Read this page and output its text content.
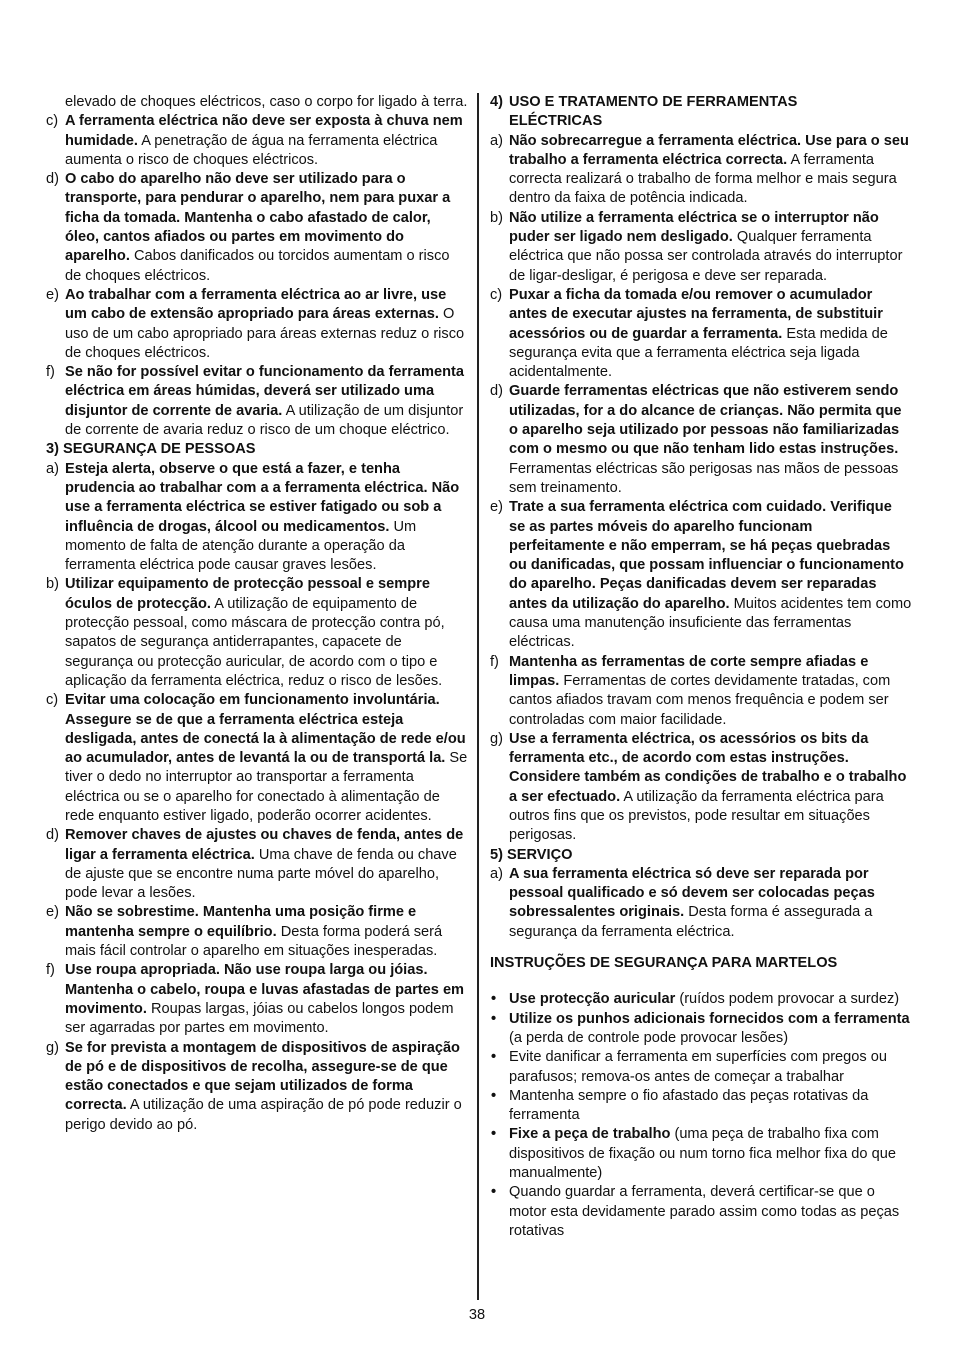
elevado de choques eléctricos, caso o corpo for ligado à terra.
c) A ferramenta eléctrica não deve ser exposta à chuva nem humidade. A penetração de água na ferramenta eléctrica aumenta o risco de choques eléctricos.
d) O cabo do aparelho não deve ser utilizado para o transporte, para pendurar o aparelho, nem para puxar a ficha da tomada. Mantenha o cabo afastado de calor, óleo, cantos afiados ou partes em movimento do aparelho. Cabos danificados ou torcidos aumentam o risco de choques eléctricos.
e) Ao trabalhar com a ferramenta eléctrica ao ar livre, use um cabo de extensão apropriado para áreas externas. O uso de um cabo apropriado para áreas externas reduz o risco de choques eléctricos.
f) Se não for possível evitar o funcionamento da ferramenta eléctrica em áreas húmidas, deverá ser utilizado uma disjuntor de corrente de avaria. A utilização de um disjuntor de corrente de avaria reduz o risco de um choque eléctrico.
3) SEGURANÇA DE PESSOAS
a) Esteja alerta, observe o que está a fazer, e tenha prudencia ao trabalhar com a a ferramenta eléctrica. Não use a ferramenta eléctrica se estiver fatigado ou sob a influência de drogas, álcool ou medicamentos. Um momento de falta de atenção durante a operação da ferramenta eléctrica pode causar graves lesões.
b) Utilizar equipamento de protecção pessoal e sempre óculos de protecção. A utilização de equipamento de protecção pessoal, como máscara de protecção contra pó, sapatos de segurança antiderrapantes, capacete de segurança ou protecção auricular, de acordo com o tipo e aplicação da ferramenta eléctrica, reduz o risco de lesões.
c) Evitar uma colocação em funcionamento involuntária. Assegure se de que a ferramenta eléctrica esteja desligada, antes de conectá la à alimentação de rede e/ou ao acumulador, antes de levantá la ou de transportá la. Se tiver o dedo no interruptor ao transportar a ferramenta eléctrica ou se o aparelho for conectado à alimentação de rede enquanto estiver ligado, poderão ocorrer acidentes.
d) Remover chaves de ajustes ou chaves de fenda, antes de ligar a ferramenta eléctrica. Uma chave de fenda ou chave de ajuste que se encontre numa parte móvel do aparelho, pode levar a lesões.
e) Não se sobrestime. Mantenha uma posição firme e mantenha sempre o equilíbrio. Desta forma poderá será mais fácil controlar o aparelho em situações inesperadas.
f) Use roupa apropriada. Não use roupa larga ou jóias. Mantenha o cabelo, roupa e luvas afastadas de partes em movimento. Roupas largas, jóias ou cabelos longos podem ser agarradas por partes em movimento.
g) Se for prevista a montagem de dispositivos de aspiração de pó e de dispositivos de recolha, assegure-se de que estão conectados e que sejam utilizados de forma correcta. A utilização de uma aspiração de pó pode reduzir o perigo devido ao pó.
4) USO E TRATAMENTO DE FERRAMENTAS
ELÉCTRICAS
a) Não sobrecarregue a ferramenta eléctrica. Use para o seu trabalho a ferramenta eléctrica correcta. A ferramenta correcta realizará o trabalho de forma melhor e mais segura dentro da faixa de potência indicada.
b) Não utilize a ferramenta eléctrica se o interruptor não puder ser ligado nem desligado. Qualquer ferramenta eléctrica que não possa ser controlada através do interruptor de ligar-desligar, é perigosa e deve ser reparada.
c) Puxar a ficha da tomada e/ou remover o acumulador antes de executar ajustes na ferramenta, de substituir acessórios ou de guardar a ferramenta. Esta medida de segurança evita que a ferramenta eléctrica seja ligada acidentalmente.
d) Guarde ferramentas eléctricas que não estiverem sendo utilizadas, for a do alcance de crianças. Não permita que o aparelho seja utilizado por pessoas não familiarizadas com o mesmo ou que não tenham lido estas instruções. Ferramentas eléctricas são perigosas nas mãos de pessoas sem treinamento.
e) Trate a sua ferramenta eléctrica com cuidado. Verifique se as partes móveis do aparelho funcionam perfeitamente e não emperram, se há peças quebradas ou danificadas, que possam influenciar o funcionamento do aparelho. Peças danificadas devem ser reparadas antes da utilização do aparelho. Muitos acidentes tem como causa uma manutenção insuficiente das ferramentas eléctricas.
f) Mantenha as ferramentas de corte sempre afiadas e limpas. Ferramentas de cortes devidamente tratadas, com cantos afiados travam com menos frequência e podem ser controladas com maior facilidade.
g) Use a ferramenta eléctrica, os acessórios os bits da ferramenta etc., de acordo com estas instruções. Considere também as condições de trabalho e o trabalho a ser efectuado. A utilização da ferramenta eléctrica para outros fins que os previstos, pode resultar em situações perigosas.
5) SERVIÇO
a) A sua ferramenta eléctrica só deve ser reparada por pessoal qualificado e só devem ser colocadas peças sobressalentes originais. Desta forma é assegurada a segurança da ferramenta eléctrica.
INSTRUÇÕES DE SEGURANÇA PARA MARTELOS
• Use protecção auricular (ruídos podem provocar a surdez)
• Utilize os punhos adicionais fornecidos com a ferramenta (a perda de controle pode provocar lesões)
• Evite danificar a ferramenta em superfícies com pregos ou parafusos; remova-os antes de começar a trabalhar
• Mantenha sempre o fio afastado das peças rotativas da ferramenta
• Fixe a peça de trabalho (uma peça de trabalho fixa com dispositivos de fixação ou num torno fica melhor fixa do que manualmente)
• Quando guardar a ferramenta, deverá certificar-se que o motor esta devidamente parado assim como todas as peças rotativas
38
